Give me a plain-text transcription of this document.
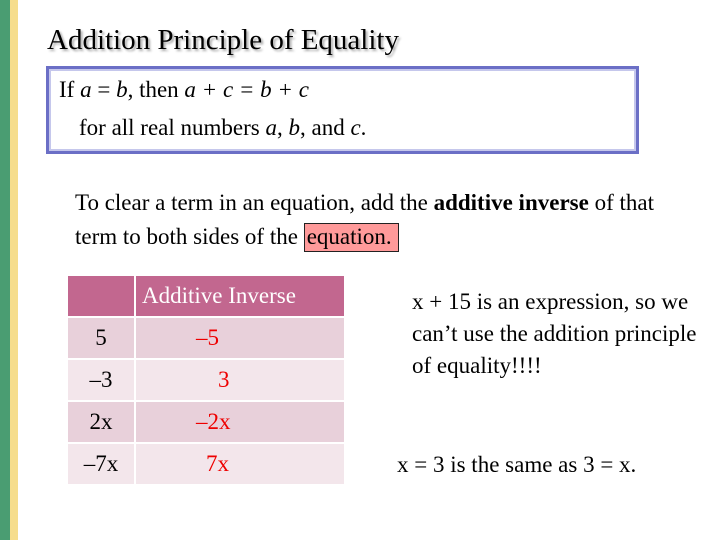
Addition Principle of Equality
If a = b, then a + c = b + c
for all real numbers a, b, and c.
To clear a term in an equation, add the additive inverse of that term to both sides of the equation.
	Additive Inverse
5	–5
–3	3
2x	–2x
–7x	7x
x + 15 is an expression, so we can’t use the addition principle of equality!!!!
x = 3 is the same as 3 = x.
